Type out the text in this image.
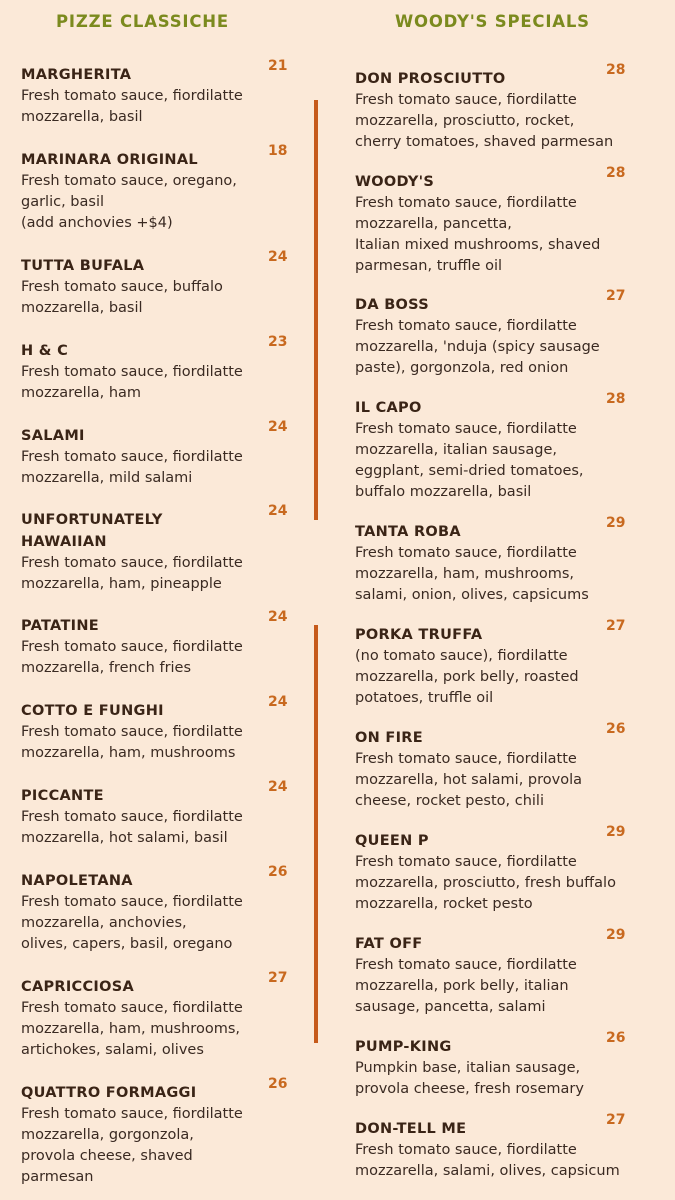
PIZZE CLASSICHE
MARGHERITA
21
Fresh tomato sauce, fiordilatte
mozzarella, basil
MARINARA ORIGINAL
18
Fresh tomato sauce, oregano,
garlic, basil
(add anchovies +$4)
TUTTA BUFALA
24
Fresh tomato sauce, buffalo
mozzarella, basil
H & C
23
Fresh tomato sauce, fiordilatte
mozzarella, ham
SALAMI
24
Fresh tomato sauce, fiordilatte
mozzarella, mild salami
UNFORTUNATELY HAWAIIAN
24
Fresh tomato sauce, fiordilatte
mozzarella, ham, pineapple
PATATINE
24
Fresh tomato sauce, fiordilatte
mozzarella, french fries
COTTO E FUNGHI
24
Fresh tomato sauce, fiordilatte
mozzarella, ham, mushrooms
PICCANTE
24
Fresh tomato sauce, fiordilatte
mozzarella, hot salami, basil
NAPOLETANA
26
Fresh tomato sauce, fiordilatte
mozzarella, anchovies,
olives, capers, basil, oregano
CAPRICCIOSA
27
Fresh tomato sauce, fiordilatte
mozzarella, ham, mushrooms,
artichokes, salami, olives
QUATTRO FORMAGGI
26
Fresh tomato sauce, fiordilatte
mozzarella, gorgonzola,
provola cheese, shaved
parmesan
WOODY'S SPECIALS
DON PROSCIUTTO
28
Fresh tomato sauce, fiordilatte
mozzarella, prosciutto, rocket,
cherry tomatoes, shaved parmesan
WOODY'S
28
Fresh tomato sauce, fiordilatte
mozzarella, pancetta,
Italian mixed mushrooms, shaved
parmesan, truffle oil
DA BOSS
27
Fresh tomato sauce, fiordilatte
mozzarella, 'nduja (spicy sausage
paste), gorgonzola, red onion
IL CAPO
28
Fresh tomato sauce, fiordilatte
mozzarella, italian sausage,
eggplant, semi-dried tomatoes,
buffalo mozzarella, basil
TANTA ROBA
29
Fresh tomato sauce, fiordilatte
mozzarella, ham, mushrooms,
salami, onion, olives, capsicums
PORKA TRUFFA
27
(no tomato sauce), fiordilatte
mozzarella, pork belly, roasted
potatoes, truffle oil
ON FIRE
26
Fresh tomato sauce, fiordilatte
mozzarella, hot salami, provola
cheese, rocket pesto, chili
QUEEN P
29
Fresh tomato sauce, fiordilatte
mozzarella, prosciutto, fresh buffalo
mozzarella, rocket pesto
FAT OFF
29
Fresh tomato sauce, fiordilatte
mozzarella, pork belly, italian
sausage, pancetta, salami
PUMP-KING
26
Pumpkin base, italian sausage,
provola cheese, fresh rosemary
DON-TELL ME
27
Fresh tomato sauce, fiordilatte
mozzarella, salami, olives, capsicum
